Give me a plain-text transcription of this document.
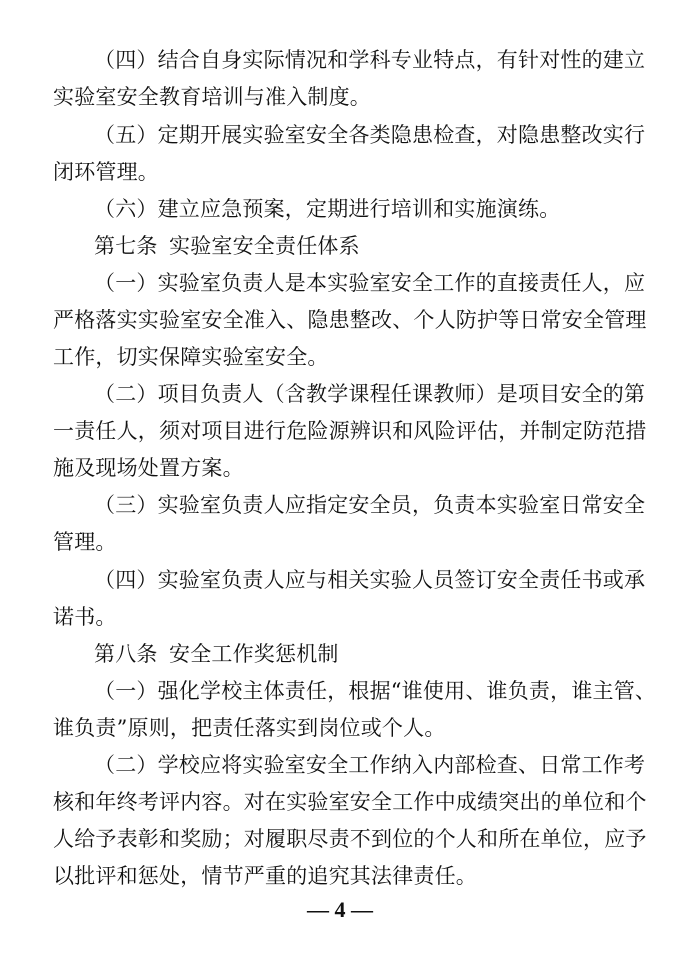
（四）结合自身实际情况和学科专业特点，有针对性的建立
实验室安全教育培训与准入制度。
（五）定期开展实验室安全各类隐患检查，对隐患整改实行
闭环管理。
（六）建立应急预案，定期进行培训和实施演练。
第七条 实验室安全责任体系
（一）实验室负责人是本实验室安全工作的直接责任人，应
严格落实实验室安全准入、隐患整改、个人防护等日常安全管理
工作，切实保障实验室安全。
（二）项目负责人（含教学课程任课教师）是项目安全的第
一责任人，须对项目进行危险源辨识和风险评估，并制定防范措
施及现场处置方案。
（三）实验室负责人应指定安全员，负责本实验室日常安全
管理。
（四）实验室负责人应与相关实验人员签订安全责任书或承
诺书。
第八条 安全工作奖惩机制
（一）强化学校主体责任，根据“谁使用、谁负责，谁主管、
谁负责”原则，把责任落实到岗位或个人。
（二）学校应将实验室安全工作纳入内部检查、日常工作考
核和年终考评内容。对在实验室安全工作中成绩突出的单位和个
人给予表彰和奖励；对履职尽责不到位的个人和所在单位，应予
以批评和惩处，情节严重的追究其法律责任。
— 4 —
